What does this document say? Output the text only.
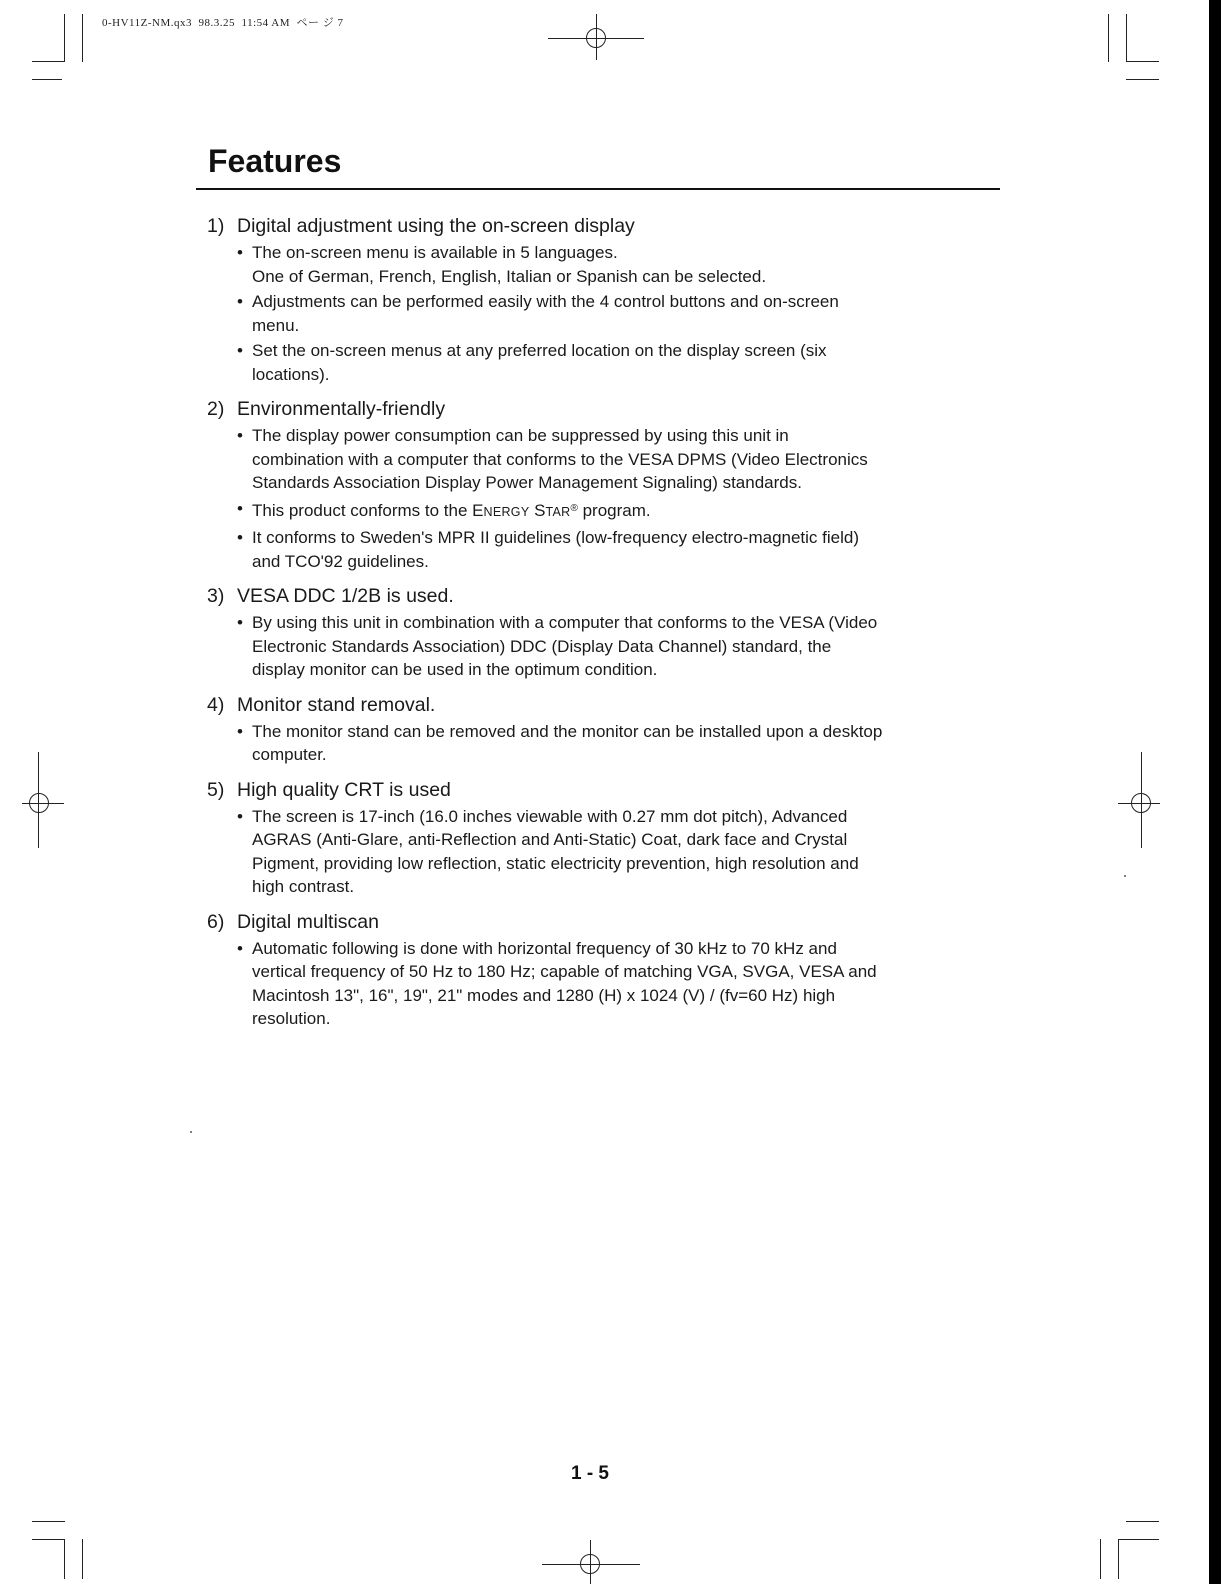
0-HV11Z-NM.qx3  98.3.25  11:54 AM  ペー ジ 7
Features
1) Digital adjustment using the on-screen display
• The on-screen menu is available in 5 languages.
One of German, French, English, Italian or Spanish can be selected.
• Adjustments can be performed easily with the 4 control buttons and on-screen
menu.
• Set the on-screen menus at any preferred location on the display screen (six
locations).
2) Environmentally-friendly
• The display power consumption can be suppressed by using this unit in
combination with a computer that conforms to the VESA DPMS (Video Electronics
Standards Association Display Power Management Signaling) standards.
• This product conforms to the ENERGY STAR® program.
• It conforms to Sweden's MPR II guidelines (low-frequency electro-magnetic field)
and TCO'92 guidelines.
3) VESA DDC 1/2B is used.
• By using this unit in combination with a computer that conforms to the VESA (Video
Electronic Standards Association) DDC (Display Data Channel) standard, the
display monitor can be used in the optimum condition.
4) Monitor stand removal.
• The monitor stand can be removed and the monitor can be installed upon a desktop
computer.
5) High quality CRT is used
• The screen is 17-inch (16.0 inches viewable with 0.27 mm dot pitch), Advanced
AGRAS (Anti-Glare, anti-Reflection and Anti-Static) Coat, dark face and Crystal
Pigment, providing low reflection, static electricity prevention, high resolution and
high contrast.
6) Digital multiscan
• Automatic following is done with horizontal frequency of 30 kHz to 70 kHz and
vertical frequency of 50 Hz to 180 Hz; capable of matching VGA, SVGA, VESA and
Macintosh 13", 16", 19", 21" modes and 1280 (H) x 1024 (V) / (fv=60 Hz) high
resolution.
1 - 5
